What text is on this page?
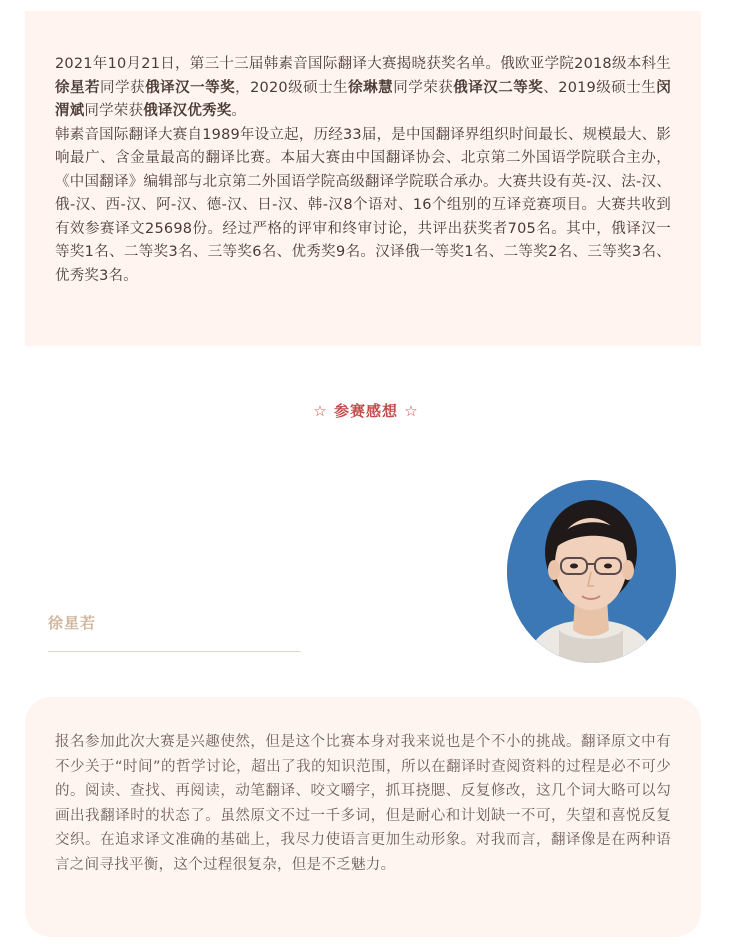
2021年10月21日，第三十三届韩素音国际翻译大赛揭晓获奖名单。俄欧亚学院2018级本科生徐星若同学获俄译汉一等奖，2020级硕士生徐琳慧同学荣获俄译汉二等奖、2019级硕士生闵渭斌同学荣获俄译汉优秀奖。

韩素音国际翻译大赛自1989年设立起，历经33届，是中国翻译界组织时间最长、规模最大、影响最广、含金量最高的翻译比赛。本届大赛由中国翻译协会、北京第二外国语学院联合主办，《中国翻译》编辑部与北京第二外国语学院高级翻译学院联合承办。大赛共设有英-汉、法-汉、俄-汉、西-汉、阿-汉、德-汉、日-汉、韩-汉8个语对、16个组别的互译竞赛项目。大赛共收到有效参赛译文25698份。经过严格的评审和终审讨论，共评出获奖者705名。其中，俄译汉一等奖1名、二等奖3名、三等奖6名、优秀奖9名。汉译俄一等奖1名、二等奖2名、三等奖3名、优秀奖3名。

☆ 参赛感想 ☆
徐星若

报名参加此次大赛是兴趣使然，但是这个比赛本身对我来说也是个不小的挑战。翻译原文中有不少关于“时间”的哲学讨论，超出了我的知识范围，所以在翻译时查阅资料的过程是必不可少的。阅读、查找、再阅读，动笔翻译、咬文嚼字，抓耳挠腮、反复修改，这几个词大略可以勾画出我翻译时的状态了。虽然原文不过一千多词，但是耐心和计划缺一不可，失望和喜悦反复交织。在追求译文准确的基础上，我尽力使语言更加生动形象。对我而言，翻译像是在两种语言之间寻找平衡，这个过程很复杂，但是不乏魅力。
